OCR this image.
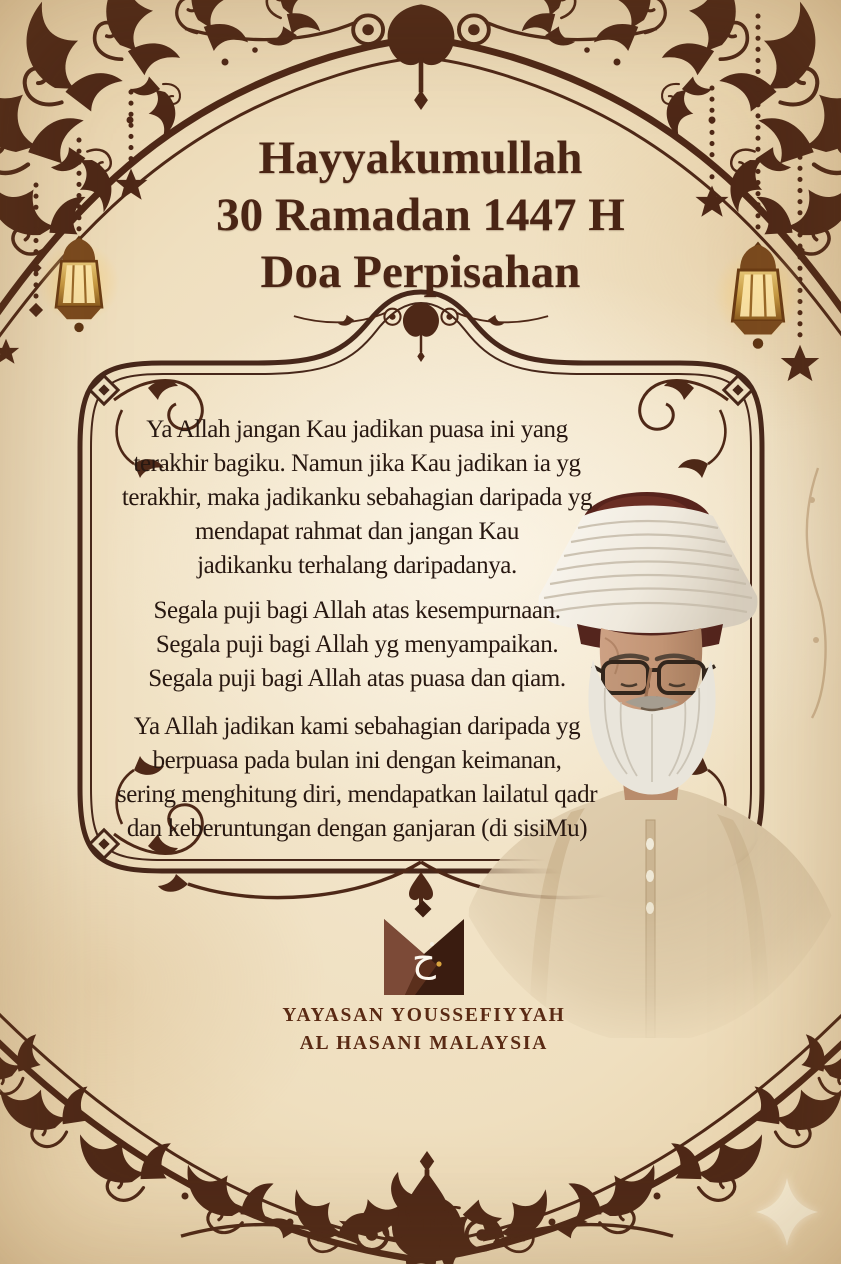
Hayyakumullah
30 Ramadan 1447 H
Doa Perpisahan
Ya Allah jangan Kau jadikan puasa ini yang
terakhir bagiku. Namun jika Kau jadikan ia yg
terakhir, maka jadikanku sebahagian daripada yg
mendapat rahmat dan jangan Kau
jadikanku terhalang daripadanya.
Segala puji bagi Allah atas kesempurnaan.
Segala puji bagi Allah yg menyampaikan.
Segala puji bagi Allah atas puasa dan qiam.
Ya Allah jadikan kami sebahagian daripada yg
berpuasa pada bulan ini dengan keimanan,
sering menghitung diri, mendapatkan lailatul qadr
dan keberuntungan dengan ganjaran (di sisiMu)
ح
YAYASAN YOUSSEFIYYAH
AL HASANI MALAYSIA
